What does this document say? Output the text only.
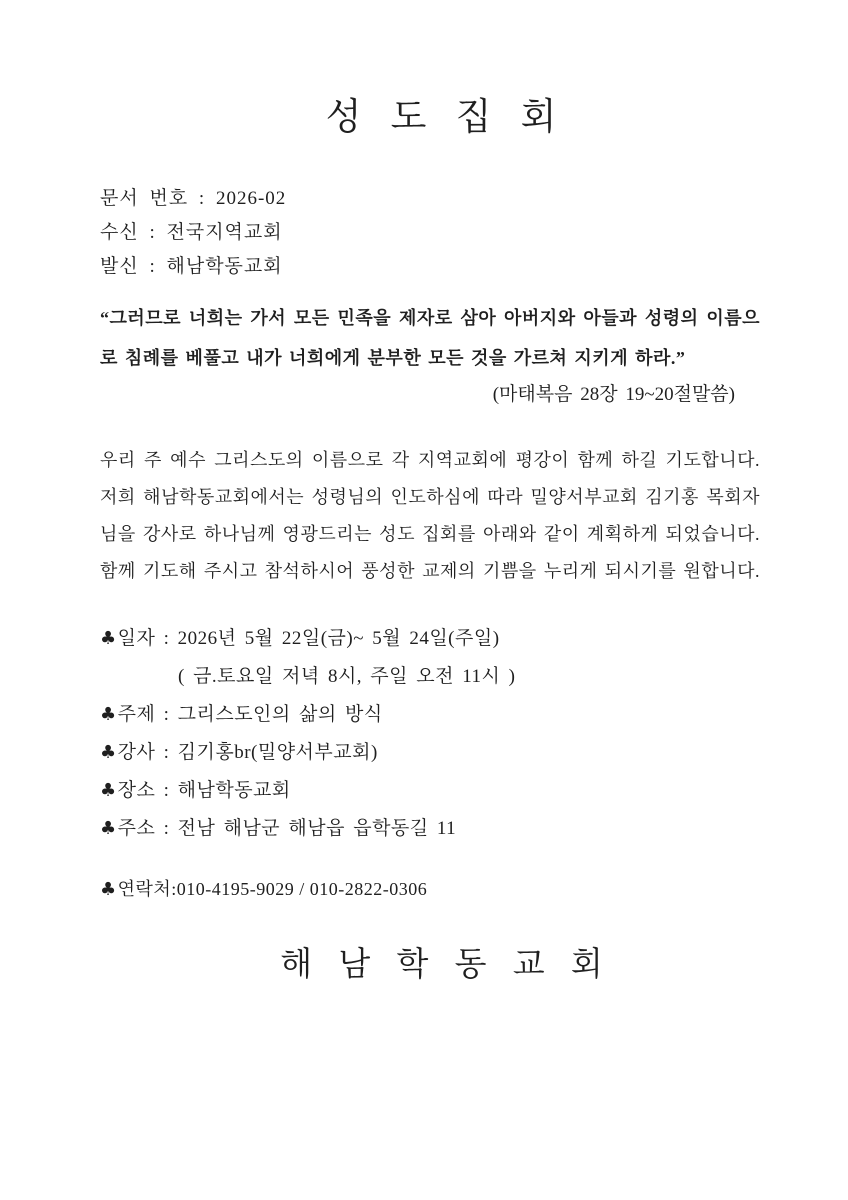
성 도 집 회
문서 번호 : 2026-02
수신 : 전국지역교회
발신 : 해남학동교회
“그러므로 너희는 가서 모든 민족을 제자로 삼아 아버지와 아들과 성령의 이름으
로 침례를 베풀고 내가 너희에게 분부한 모든 것을 가르쳐 지키게 하라.”
(마태복음 28장 19~20절말씀)
우리 주 예수 그리스도의 이름으로 각 지역교회에 평강이 함께 하길 기도합니다.
저희 해남학동교회에서는 성령님의 인도하심에 따라 밀양서부교회 김기홍 목회자
님을 강사로 하나님께 영광드리는 성도 집회를 아래와 같이 계획하게 되었습니다.
함께 기도해 주시고 참석하시어 풍성한 교제의 기쁨을 누리게 되시기를 원합니다.
♣일자 : 2026년 5월 22일(금)~ 5월 24일(주일)
( 금.토요일 저녁 8시, 주일 오전 11시 )
♣주제 : 그리스도인의 삶의 방식
♣강사 : 김기홍br(밀양서부교회)
♣장소 : 해남학동교회
♣주소 : 전남 해남군 해남읍 읍학동길 11
♣연락처:010-4195-9029 / 010-2822-0306
해 남 학 동 교 회
